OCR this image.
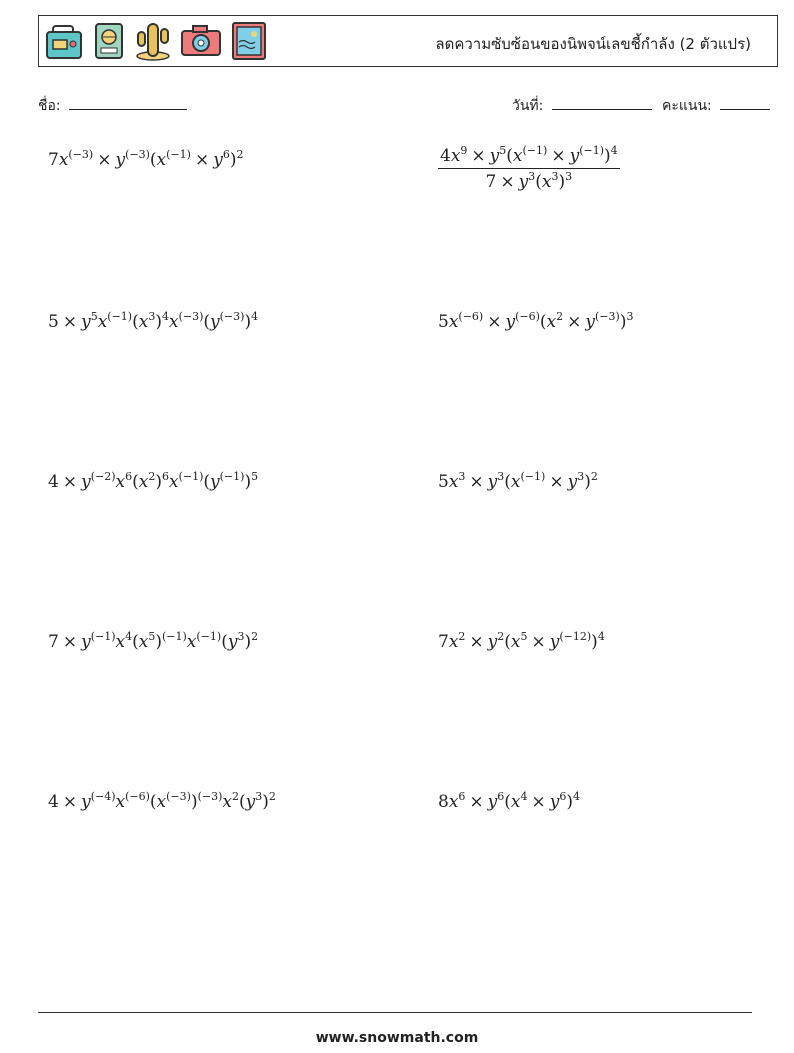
ลดความซับซ้อนของนิพจน์เลขชี้กำลัง (2 ตัวแปร)
ชื่อ:	วันที่:	คะแนน:
$7x^{(-3)} \times y^{(-3)}(x^{(-1)} \times y^6)^2$	$\frac{4x^9 \times y^5(x^{(-1)} \times y^{(-1)})^4}{7 \times y^3(x^3)^3}$
$5 \times y^5x^{(-1)}(x^3)^4x^{(-3)}(y^{(-3)})^4$	$5x^{(-6)} \times y^{(-6)}(x^2 \times y^{(-3)})^3$
$4 \times y^{(-2)}x^6(x^2)^6x^{(-1)}(y^{(-1)})^5$	$5x^3 \times y^3(x^{(-1)} \times y^3)^2$
$7 \times y^{(-1)}x^4(x^5)^{(-1)}x^{(-1)}(y^3)^2$	$7x^2 \times y^2(x^5 \times y^{(-12)})^4$
$4 \times y^{(-4)}x^{(-6)}(x^{(-3)})^{(-3)}x^2(y^3)^2$	$8x^6 \times y^6(x^4 \times y^6)^4$
www.snowmath.com
